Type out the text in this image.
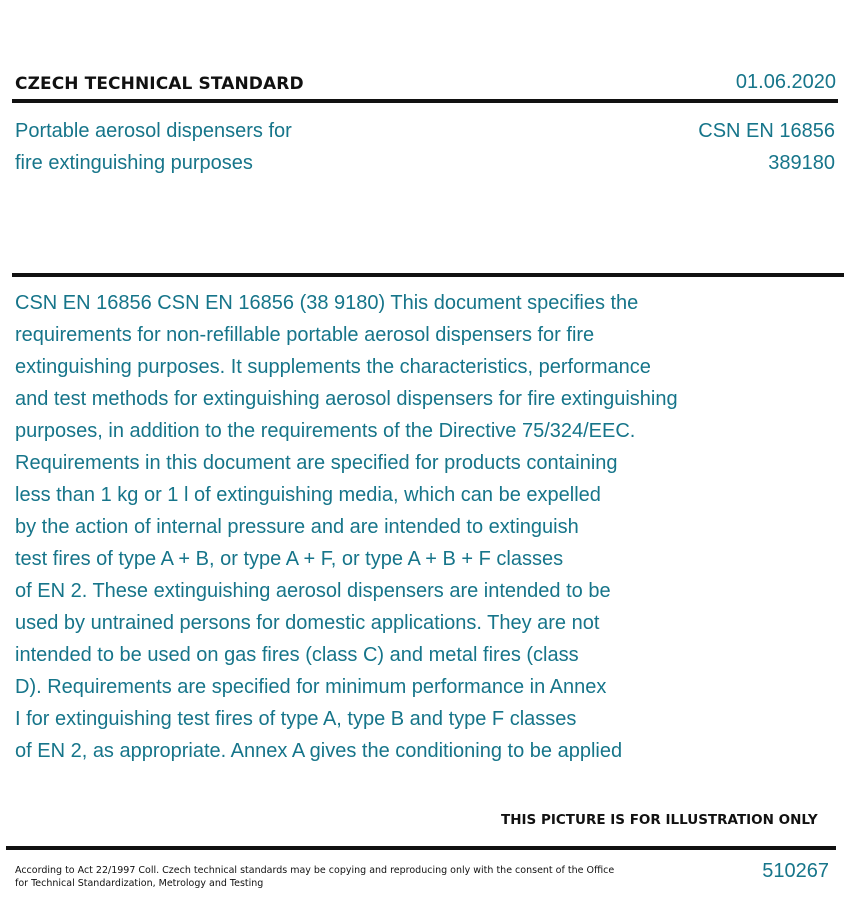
CZECH TECHNICAL STANDARD	01.06.2020
Portable aerosol dispensers for
fire extinguishing purposes
CSN EN 16856
389180
CSN EN 16856 CSN EN 16856 (38 9180) This document specifies the
requirements for non-refillable portable aerosol dispensers for fire
extinguishing purposes. It supplements the characteristics, performance
and test methods for extinguishing aerosol dispensers for fire extinguishing
purposes, in addition to the requirements of the Directive 75/324/EEC.
Requirements in this document are specified for products containing
less than 1 kg or 1 l of extinguishing media, which can be expelled
by the action of internal pressure and are intended to extinguish
test fires of type A + B, or type A + F, or type A + B + F classes
of EN 2. These extinguishing aerosol dispensers are intended to be
used by untrained persons for domestic applications. They are not
intended to be used on gas fires (class C) and metal fires (class
D). Requirements are specified for minimum performance in Annex
I for extinguishing test fires of type A, type B and type F classes
of EN 2, as appropriate. Annex A gives the conditioning to be applied
THIS PICTURE IS FOR ILLUSTRATION ONLY
According to Act 22/1997 Coll. Czech technical standards may be copying and reproducing only with the consent of the Office
for Technical Standardization, Metrology and Testing
510267
